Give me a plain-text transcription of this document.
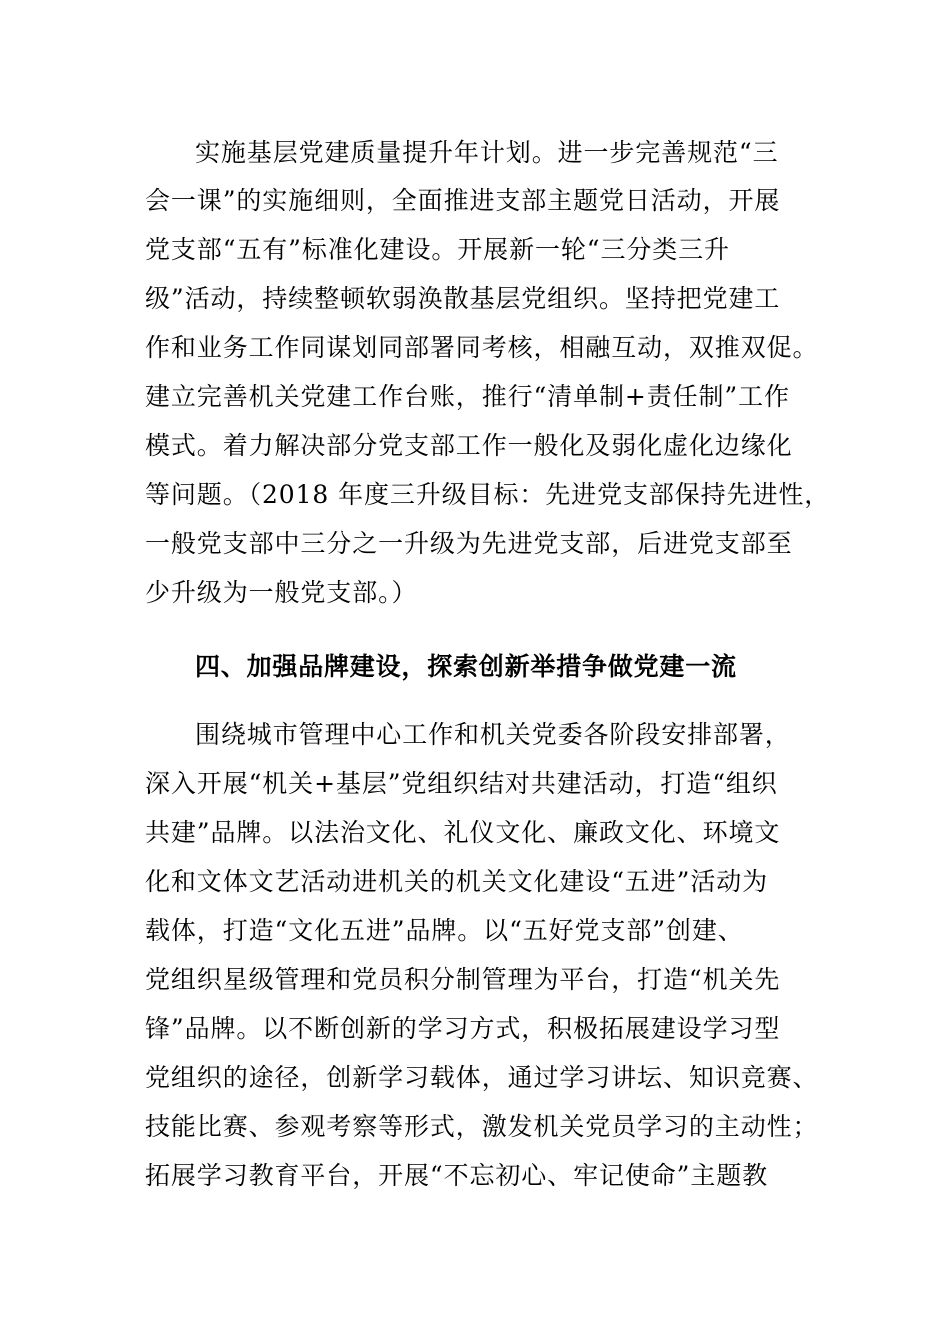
实施基层党建质量提升年计划。进一步完善规范“三
会一课”的实施细则，全面推进支部主题党日活动，开展
党支部“五有”标准化建设。开展新一轮“三分类三升
级”活动，持续整顿软弱涣散基层党组织。坚持把党建工
作和业务工作同谋划同部署同考核，相融互动，双推双促。
建立完善机关党建工作台账，推行“清单制+责任制”工作
模式。着力解决部分党支部工作一般化及弱化虚化边缘化
等问题。（2018 年度三升级目标：先进党支部保持先进性，
一般党支部中三分之一升级为先进党支部，后进党支部至
少升级为一般党支部。）
四、加强品牌建设，探索创新举措争做党建一流
围绕城市管理中心工作和机关党委各阶段安排部署，
深入开展“机关+基层”党组织结对共建活动，打造“组织
共建”品牌。以法治文化、礼仪文化、廉政文化、环境文
化和文体文艺活动进机关的机关文化建设“五进”活动为
载体，打造“文化五进”品牌。以“五好党支部”创建、
党组织星级管理和党员积分制管理为平台，打造“机关先
锋”品牌。以不断创新的学习方式，积极拓展建设学习型
党组织的途径，创新学习载体，通过学习讲坛、知识竞赛、
技能比赛、参观考察等形式，激发机关党员学习的主动性；
拓展学习教育平台，开展“不忘初心、牢记使命”主题教
